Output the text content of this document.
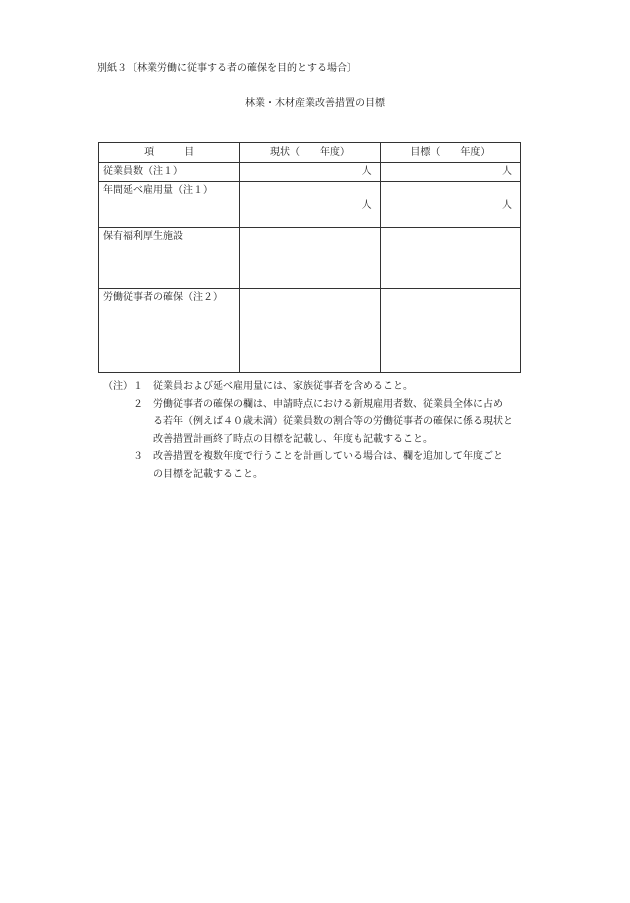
別紙３〔林業労働に従事する者の確保を目的とする場合〕
林業・木材産業改善措置の目標
項 目	現状（　　年度）	目標（　　年度）
従業員数（注１）	人	人
年間延べ雇用量（注１）	人	人
保有福利厚生施設		
労働従事者の確保（注２）		
（注） １	従業員および延べ雇用量には、家族従事者を含めること。
２	労働従事者の確保の欄は、申請時点における新規雇用者数、従業員全体に占め
る若年（例えば４０歳未満）従業員数の割合等の労働従事者の確保に係る現状と
改善措置計画終了時点の目標を記載し、年度も記載すること。
３	改善措置を複数年度で行うことを計画している場合は、欄を追加して年度ごと
の目標を記載すること。
